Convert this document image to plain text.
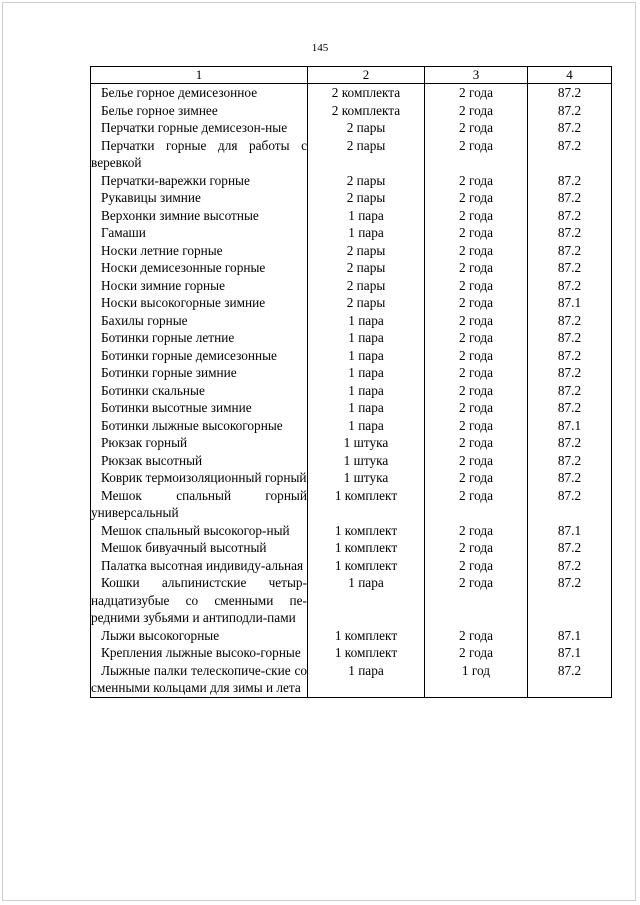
145
1	2	3	4
Белье горное демисезонное	2 комплекта	2 года	87.2
Белье горное зимнее	2 комплекта	2 года	87.2
Перчатки горные демисезон-ные	2 пары	2 года	87.2
Перчатки горные для работы с веревкой	2 пары	2 года	87.2
Перчатки-варежки горные	2 пары	2 года	87.2
Рукавицы зимние	2 пары	2 года	87.2
Верхонки зимние высотные	1 пара	2 года	87.2
Гамаши	1 пара	2 года	87.2
Носки летние горные	2 пары	2 года	87.2
Носки демисезонные горные	2 пары	2 года	87.2
Носки зимние горные	2 пары	2 года	87.2
Носки высокогорные зимние	2 пары	2 года	87.1
Бахилы горные	1 пара	2 года	87.2
Ботинки горные летние	1 пара	2 года	87.2
Ботинки горные демисезонные	1 пара	2 года	87.2
Ботинки горные зимние	1 пара	2 года	87.2
Ботинки скальные	1 пара	2 года	87.2
Ботинки высотные зимние	1 пара	2 года	87.2
Ботинки лыжные высокогорные	1 пара	2 года	87.1
Рюкзак горный	1 штука	2 года	87.2
Рюкзак высотный	1 штука	2 года	87.2
Коврик термоизоляционный горный	1 штука	2 года	87.2
Мешок спальный горный универсальный	1 комплект	2 года	87.2
Мешок спальный высокогор-ный	1 комплект	2 года	87.1
Мешок бивуачный высотный	1 комплект	2 года	87.2
Палатка высотная индивиду-альная	1 комплект	2 года	87.2
Кошки альпинистские четыр-надцатизубые со сменными пе-редними зубьями и антиподли-пами	1 пара	2 года	87.2
Лыжи высокогорные	1 комплект	2 года	87.1
Крепления лыжные высоко-горные	1 комплект	2 года	87.1
Лыжные палки телескопиче-ские со сменными кольцами для зимы и лета	1 пара	1 год	87.2
